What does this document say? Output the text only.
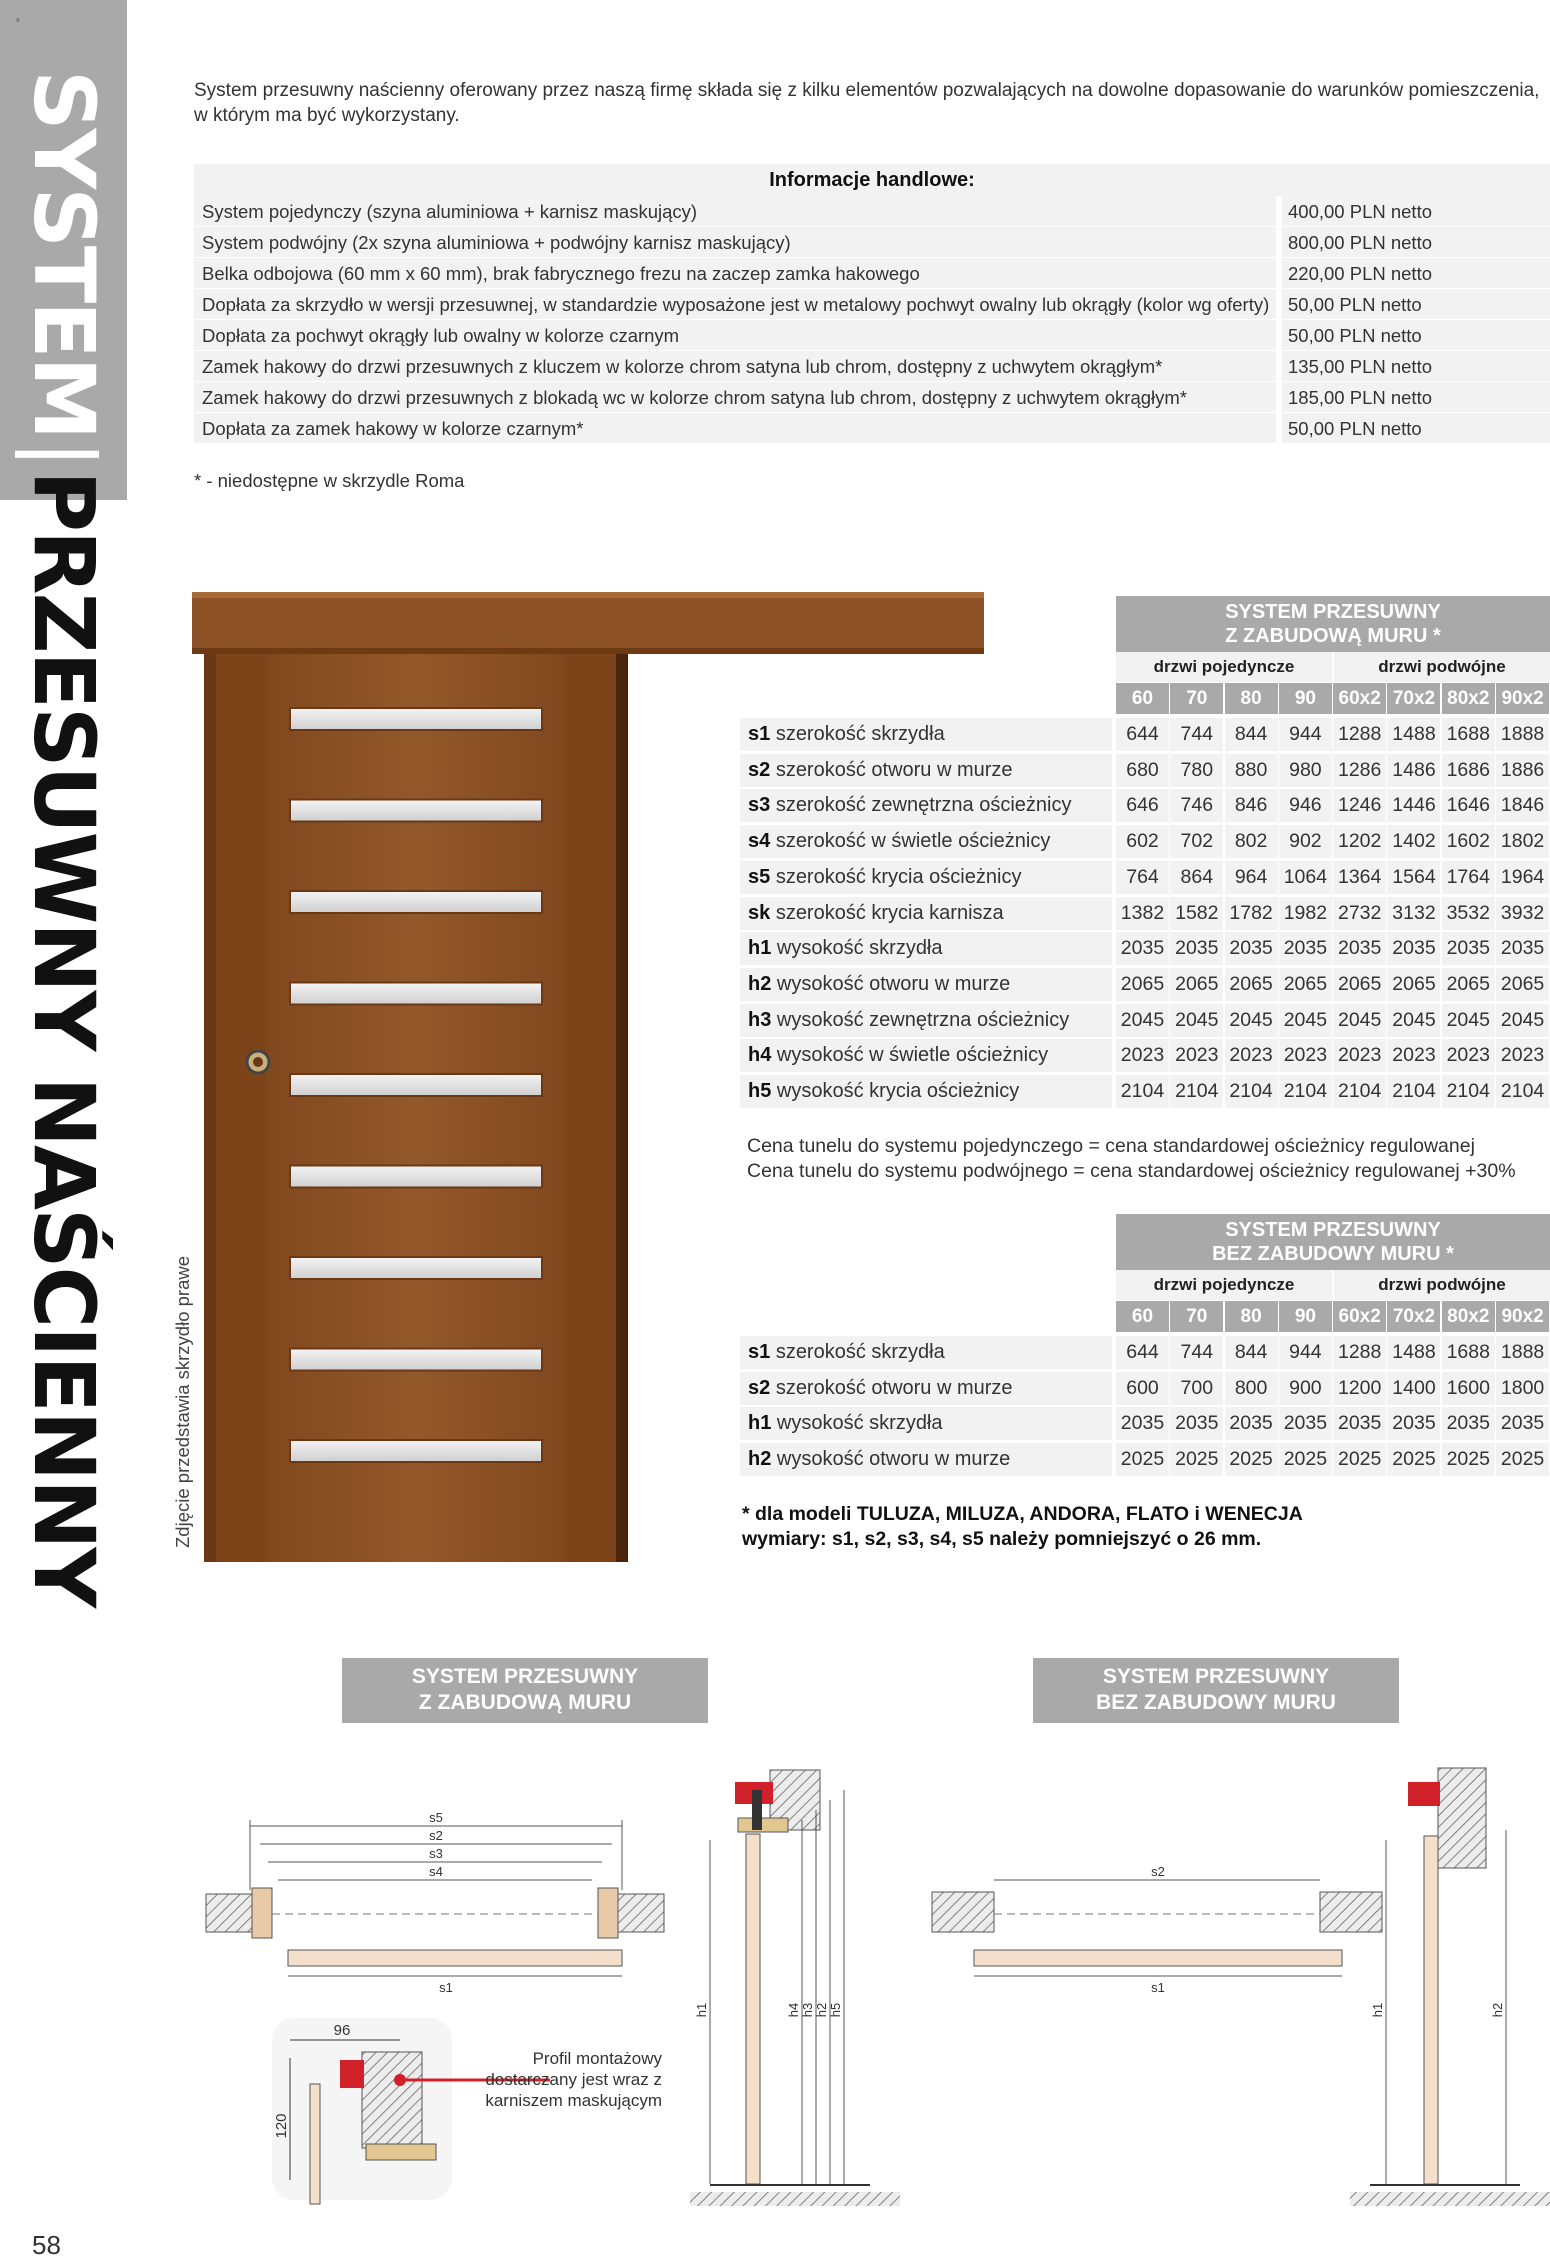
≡
SYSTEM|PRZESUWNY NAŚCIENNY
58

System przesuwny naścienny oferowany przez naszą firmę składa się z kilku elementów pozwalających na dowolne dopasowanie do warunków pomieszczenia, w którym ma być wykorzystany.

Informacje handlowe:
System pojedynczy (szyna aluminiowa + karnisz maskujący)	400,00 PLN netto
System podwójny (2x szyna aluminiowa + podwójny karnisz maskujący)	800,00 PLN netto
Belka odbojowa (60 mm x 60 mm), brak fabrycznego frezu na zaczep zamka hakowego	220,00 PLN netto
Dopłata za skrzydło w wersji przesuwnej, w standardzie wyposażone jest w metalowy pochwyt owalny lub okrągły (kolor wg oferty)	50,00 PLN netto
Dopłata za pochwyt okrągły lub owalny w kolorze czarnym	50,00 PLN netto
Zamek hakowy do drzwi przesuwnych z kluczem w kolorze chrom satyna lub chrom, dostępny z uchwytem okrągłym*	135,00 PLN netto
Zamek hakowy do drzwi przesuwnych z blokadą wc w kolorze chrom satyna lub chrom, dostępny z uchwytem okrągłym*	185,00 PLN netto
Dopłata za zamek hakowy w kolorze czarnym*	50,00 PLN netto
* - niedostępne w skrzydle Roma
Zdjęcie przedstawia skrzydło prawe
SYSTEM PRZESUWNY
Z ZABUDOWĄ MURU *
drzwi pojedyncze	drzwi podwójne
60	70	80	90	60x2 70x2 80x2 90x2
s1 szerokość skrzydła	644	744	844	944 1288 1488 1688 1888
s2 szerokość otworu w murze	680	780	880	980 1286 1486 1686 1886
s3 szerokość zewnętrzna ościeżnicy	646	746	846	946 1246 1446 1646 1846
s4 szerokość w świetle ościeżnicy	602	702	802	902 1202 1402 1602 1802
s5 szerokość krycia ościeżnicy	764	864	964 1064 1364 1564 1764 1964
sk szerokość krycia karnisza	1382 1582 1782 1982 2732 3132 3532 3932
h1 wysokość skrzydła	2035 2035 2035 2035 2035 2035 2035 2035
h2 wysokość otworu w murze	2065 2065 2065 2065 2065 2065 2065 2065
h3 wysokość zewnętrzna ościeżnicy	2045 2045 2045 2045 2045 2045 2045 2045
h4 wysokość w świetle ościeżnicy	2023 2023 2023 2023 2023 2023 2023 2023
h5 wysokość krycia ościeżnicy	2104 2104 2104 2104 2104 2104 2104 2104
Cena tunelu do systemu pojedynczego = cena standardowej ościeżnicy regulowanej
Cena tunelu do systemu podwójnego = cena standardowej ościeżnicy regulowanej +30%
SYSTEM PRZESUWNY
BEZ ZABUDOWY MURU *
drzwi pojedyncze	drzwi podwójne
60	70	80	90	60x2 70x2 80x2 90x2
s1 szerokość skrzydła	644	744	844	944 1288 1488 1688 1888
s2 szerokość otworu w murze	600	700	800	900 1200 1400 1600 1800
h1 wysokość skrzydła	2035 2035 2035 2035 2035 2035 2035 2035
h2 wysokość otworu w murze	2025 2025 2025 2025 2025 2025 2025 2025
* dla modeli TULUZA, MILUZA, ANDORA, FLATO i WENECJA
wymiary: s1, s2, s3, s4, s5 należy pomniejszyć o 26 mm.
SYSTEM PRZESUWNY
Z ZABUDOWĄ MURU
SYSTEM PRZESUWNY
BEZ ZABUDOWY MURU
s5
s2
s3
s4
s1
96
120
h1	h4 h3 h2 h5
s2
s1
h1	h2
Profil montażowy dostarczany jest wraz z karniszem maskującym
